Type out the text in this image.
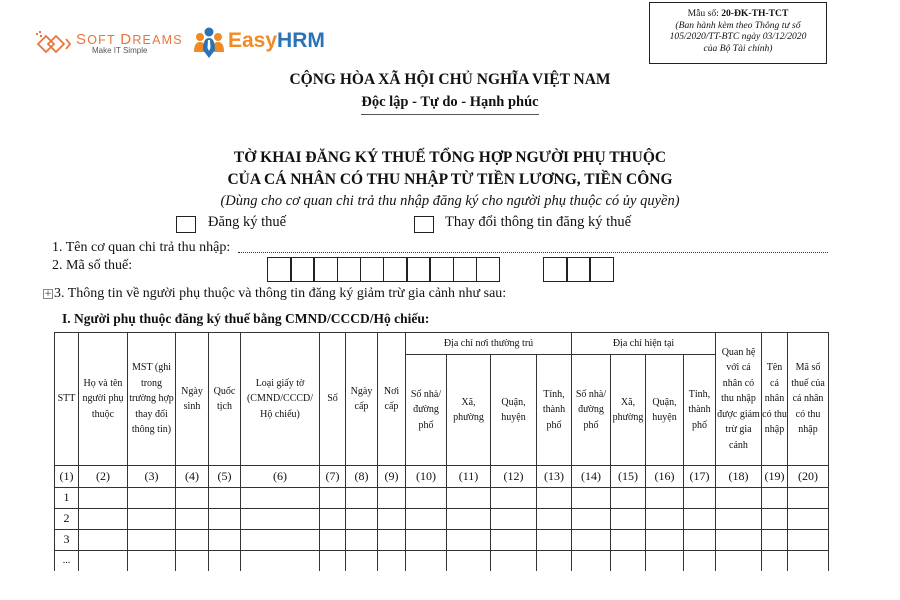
SOFT DREAMS
Make IT Simple	EasyHRM
Mẫu số: 20-ĐK-TH-TCT
(Ban hành kèm theo Thông tư số
105/2020/TT-BTC ngày 03/12/2020
của Bộ Tài chính)
CỘNG HÒA XÃ HỘI CHỦ NGHĨA VIỆT NAM
Độc lập - Tự do - Hạnh phúc
TỜ KHAI ĐĂNG KÝ THUẾ TỔNG HỢP NGƯỜI PHỤ THUỘC
CỦA CÁ NHÂN CÓ THU NHẬP TỪ TIỀN LƯƠNG, TIỀN CÔNG
(Dùng cho cơ quan chi trả thu nhập đăng ký cho người phụ thuộc có ủy quyền)
Đăng ký thuế	Thay đổi thông tin đăng ký thuế
1. Tên cơ quan chi trả thu nhập:
2. Mã số thuế:
+ 3. Thông tin về người phụ thuộc và thông tin đăng ký giảm trừ gia cảnh như sau:
I. Người phụ thuộc đăng ký thuế bằng CMND/CCCD/Hộ chiếu:
STT	Họ và tên người phụ thuộc	MST (ghi trong trường hợp thay đổi thông tin)	Ngày sinh	Quốc tịch	Loại giấy tờ (CMND/CCCD/ Hộ chiếu)	Số	Ngày cấp	Nơi cấp	Địa chỉ nơi thường trú				Địa chỉ hiện tại				Quan hệ với cá nhân có thu nhập được giảm trừ gia cảnh	Tên cá nhân có thu nhập	Mã số thuế của cá nhân có thu nhập
									Số nhà/ đường phố	Xã, phường	Quận, huyện	Tỉnh, thành phố	Số nhà/ đường phố	Xã, phường	Quận, huyện	Tỉnh, thành phố			
(1)	(2)	(3)	(4)	(5)	(6)	(7)	(8)	(9)	(10)	(11)	(12)	(13)	(14)	(15)	(16)	(17)	(18)	(19)	(20)
1																			
2																			
3																			
...																			
